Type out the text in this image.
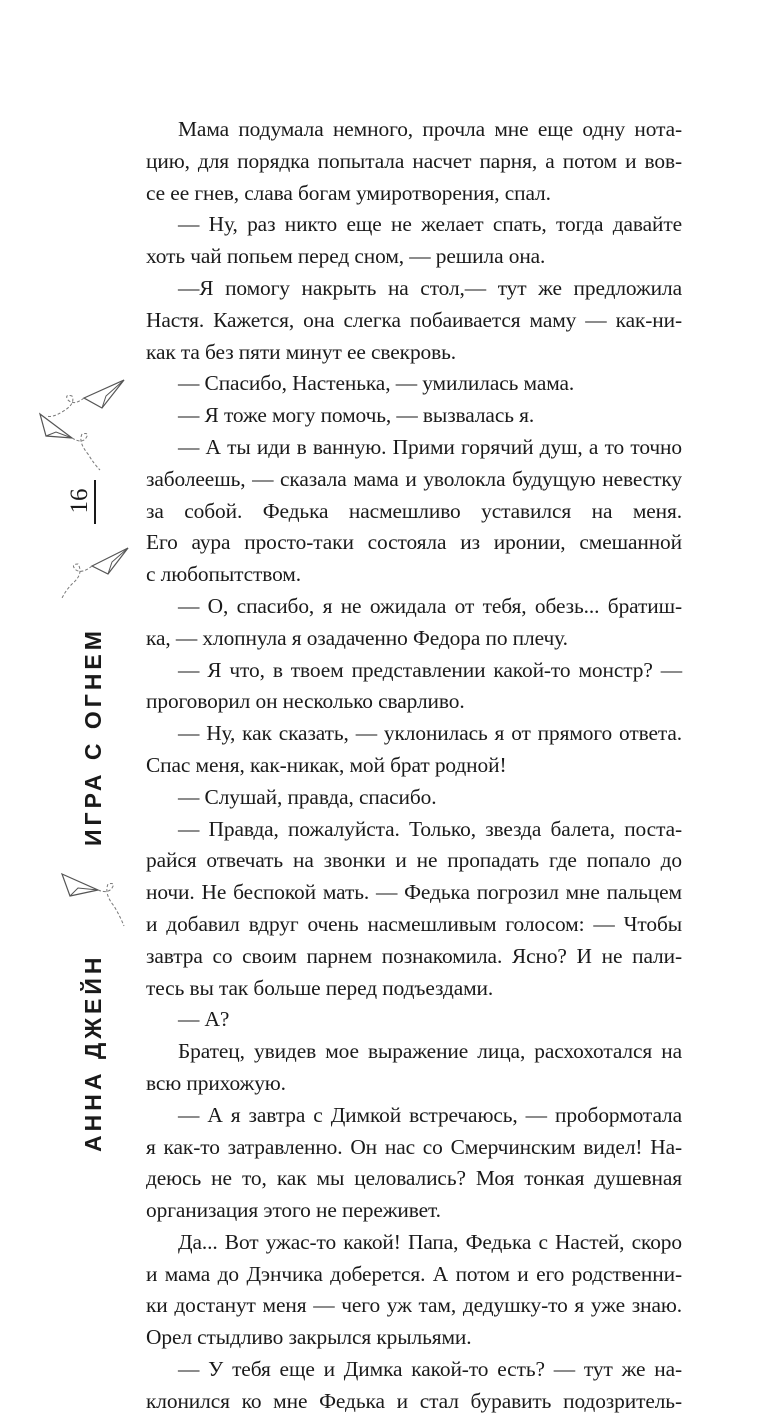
16
ИГРА С ОГНЕМ
АННА ДЖЕЙН
Мама подумала немного, прочла мне еще одну нота-
цию, для порядка попытала насчет парня, а потом и вов-
се ее гнев, слава богам умиротворения, спал.
— Ну, раз никто еще не желает спать, тогда давайте
хоть чай попьем перед сном, — решила она.
—Я помогу накрыть на стол,— тут же предложила
Настя. Кажется, она слегка побаивается маму — как-ни-
как та без пяти минут ее свекровь.
— Спасибо, Настенька, — умилилась мама.
— Я тоже могу помочь, — вызвалась я.
— А ты иди в ванную. Прими горячий душ, а то точно
заболеешь, — сказала мама и уволокла будущую невестку
за собой. Федька насмешливо уставился на меня.
Его аура просто-таки состояла из иронии, смешанной
с любопытством.
— О, спасибо, я не ожидала от тебя, обезь... братиш-
ка, — хлопнула я озадаченно Федора по плечу.
— Я что, в твоем представлении какой-то монстр? —
проговорил он несколько сварливо.
— Ну, как сказать, — уклонилась я от прямого ответа.
Спас меня, как-никак, мой брат родной!
— Слушай, правда, спасибо.
— Правда, пожалуйста. Только, звезда балета, поста-
райся отвечать на звонки и не пропадать где попало до
ночи. Не беспокой мать. — Федька погрозил мне пальцем
и добавил вдруг очень насмешливым голосом: — Чтобы
завтра со своим парнем познакомила. Ясно? И не пали-
тесь вы так больше перед подъездами.
— А?
Братец, увидев мое выражение лица, расхохотался на
всю прихожую.
— А я завтра с Димкой встречаюсь, — пробормотала
я как-то затравленно. Он нас со Смерчинским видел! На-
деюсь не то, как мы целовались? Моя тонкая душевная
организация этого не переживет.
Да... Вот ужас-то какой! Папа, Федька с Настей, скоро
и мама до Дэнчика доберется. А потом и его родственни-
ки достанут меня — чего уж там, дедушку-то я уже знаю.
Орел стыдливо закрылся крыльями.
— У тебя еще и Димка какой-то есть? — тут же на-
клонился ко мне Федька и стал буравить подозритель-
